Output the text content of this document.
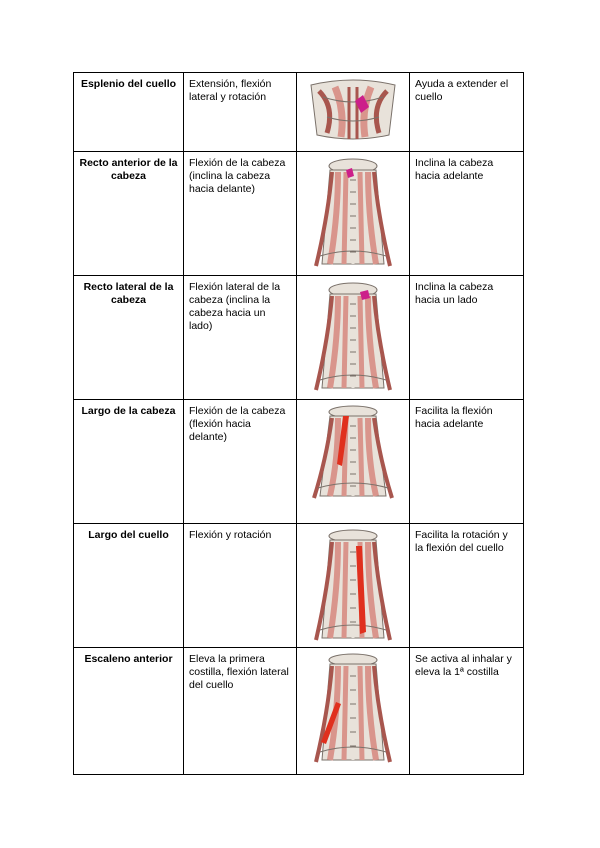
Esplenio del cuello	Extensión, flexión lateral y rotación		Ayuda a extender el cuello
Recto anterior de la cabeza	Flexión de la cabeza (inclina la cabeza hacia delante)		Inclina la cabeza hacia adelante
Recto lateral de la cabeza	Flexión lateral de la cabeza (inclina la cabeza hacia un lado)		Inclina la cabeza hacia un lado
Largo de la cabeza	Flexión de la cabeza (flexión hacia delante)		Facilita la flexión hacia adelante
Largo del cuello	Flexión y rotación		Facilita la rotación y la flexión del cuello
Escaleno anterior	Eleva la primera costilla, flexión lateral del cuello		Se activa al inhalar y eleva la 1ª costilla
